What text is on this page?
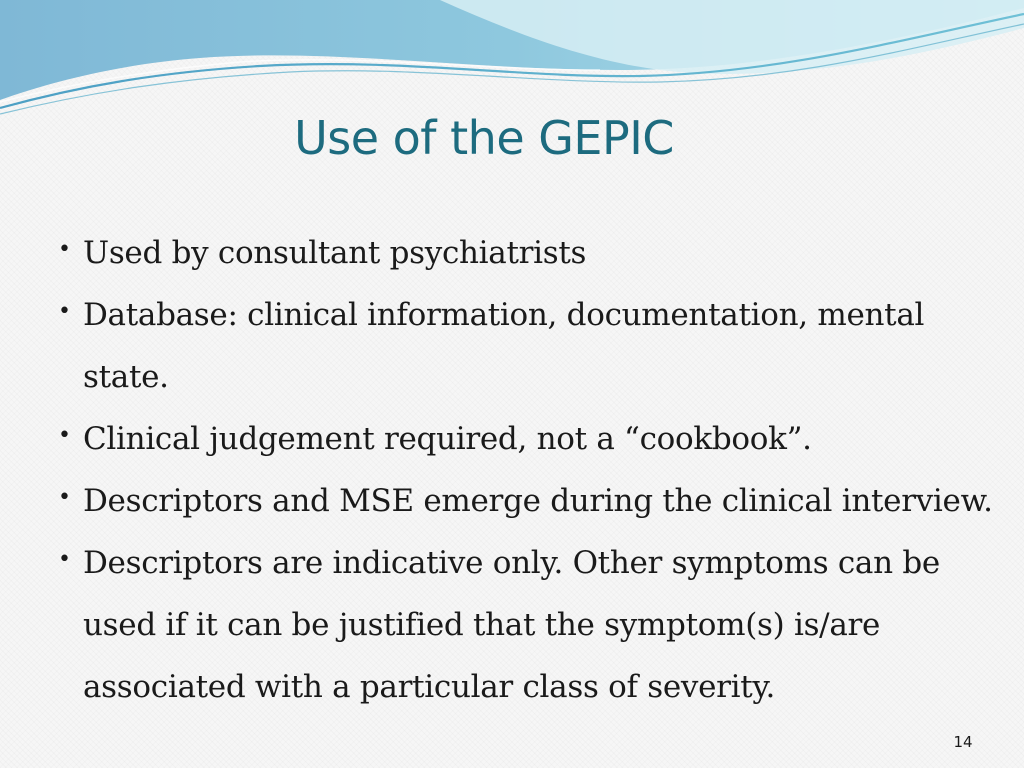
Use of the GEPIC
• Used by consultant psychiatrists
• Database: clinical information, documentation, mental state.
• Clinical judgement required, not a “cookbook”.
• Descriptors and MSE emerge during the clinical interview.
• Descriptors are indicative only. Other symptoms can be used if it can be justified that the symptom(s) is/are associated with a particular class of severity.
14
